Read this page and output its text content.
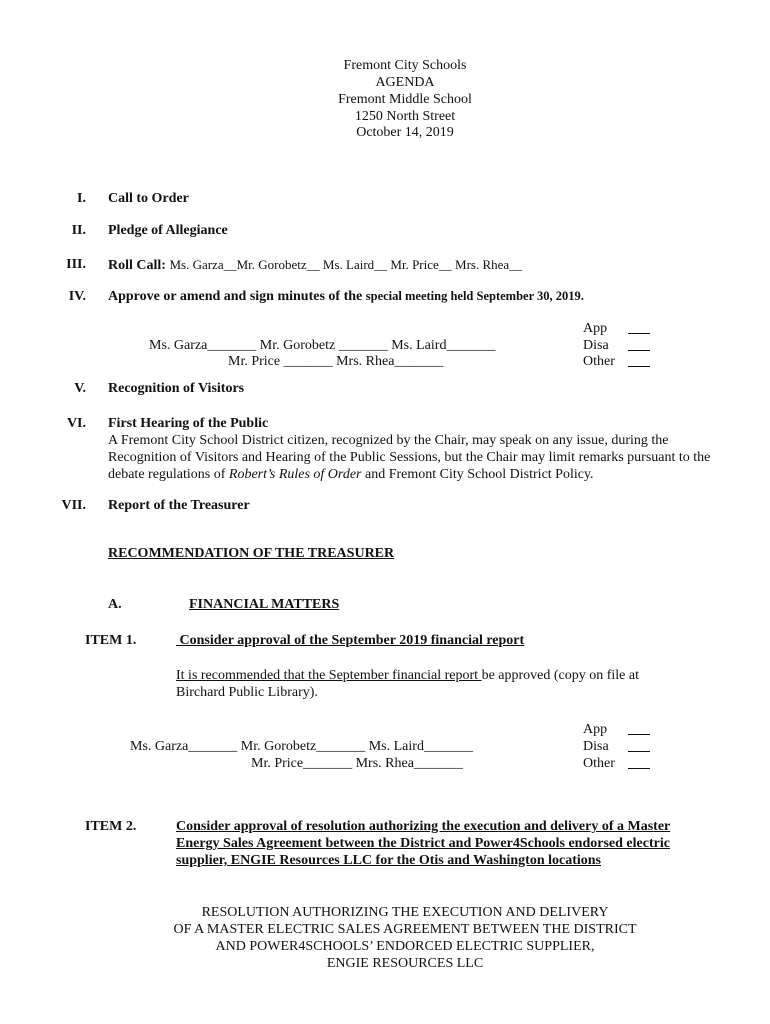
Fremont City Schools
AGENDA
Fremont Middle School
1250 North Street
October 14, 2019
I. Call to Order
II. Pledge of Allegiance
III. Roll Call: Ms. Garza__Mr. Gorobetz__ Ms. Laird__ Mr. Price__ Mrs. Rhea__
IV. Approve or amend and sign minutes of the special meeting held September 30, 2019.
Ms. Garza_______ Mr. Gorobetz _______ Ms. Laird_______
Mr. Price _______ Mrs. Rhea_______
App
Disa
Other
V. Recognition of Visitors
VI. First Hearing of the Public
A Fremont City School District citizen, recognized by the Chair, may speak on any issue, during the Recognition of Visitors and Hearing of the Public Sessions, but the Chair may limit remarks pursuant to the debate regulations of Robert’s Rules of Order and Fremont City School District Policy.
VII. Report of the Treasurer
RECOMMENDATION OF THE TREASURER
A.	FINANCIAL MATTERS
ITEM 1.	Consider approval of the September 2019 financial report
It is recommended that the September financial report be approved (copy on file at
Birchard Public Library).
Ms. Garza_______ Mr. Gorobetz_______ Ms. Laird_______
Mr. Price_______ Mrs. Rhea_______
App
Disa
Other
ITEM 2.	Consider approval of resolution authorizing the execution and delivery of a Master
Energy Sales Agreement between the District and Power4Schools endorsed electric
supplier, ENGIE Resources LLC for the Otis and Washington locations
RESOLUTION AUTHORIZING THE EXECUTION AND DELIVERY
OF A MASTER ELECTRIC SALES AGREEMENT BETWEEN THE DISTRICT
AND POWER4SCHOOLS’ ENDORCED ELECTRIC SUPPLIER,
ENGIE RESOURCES LLC
